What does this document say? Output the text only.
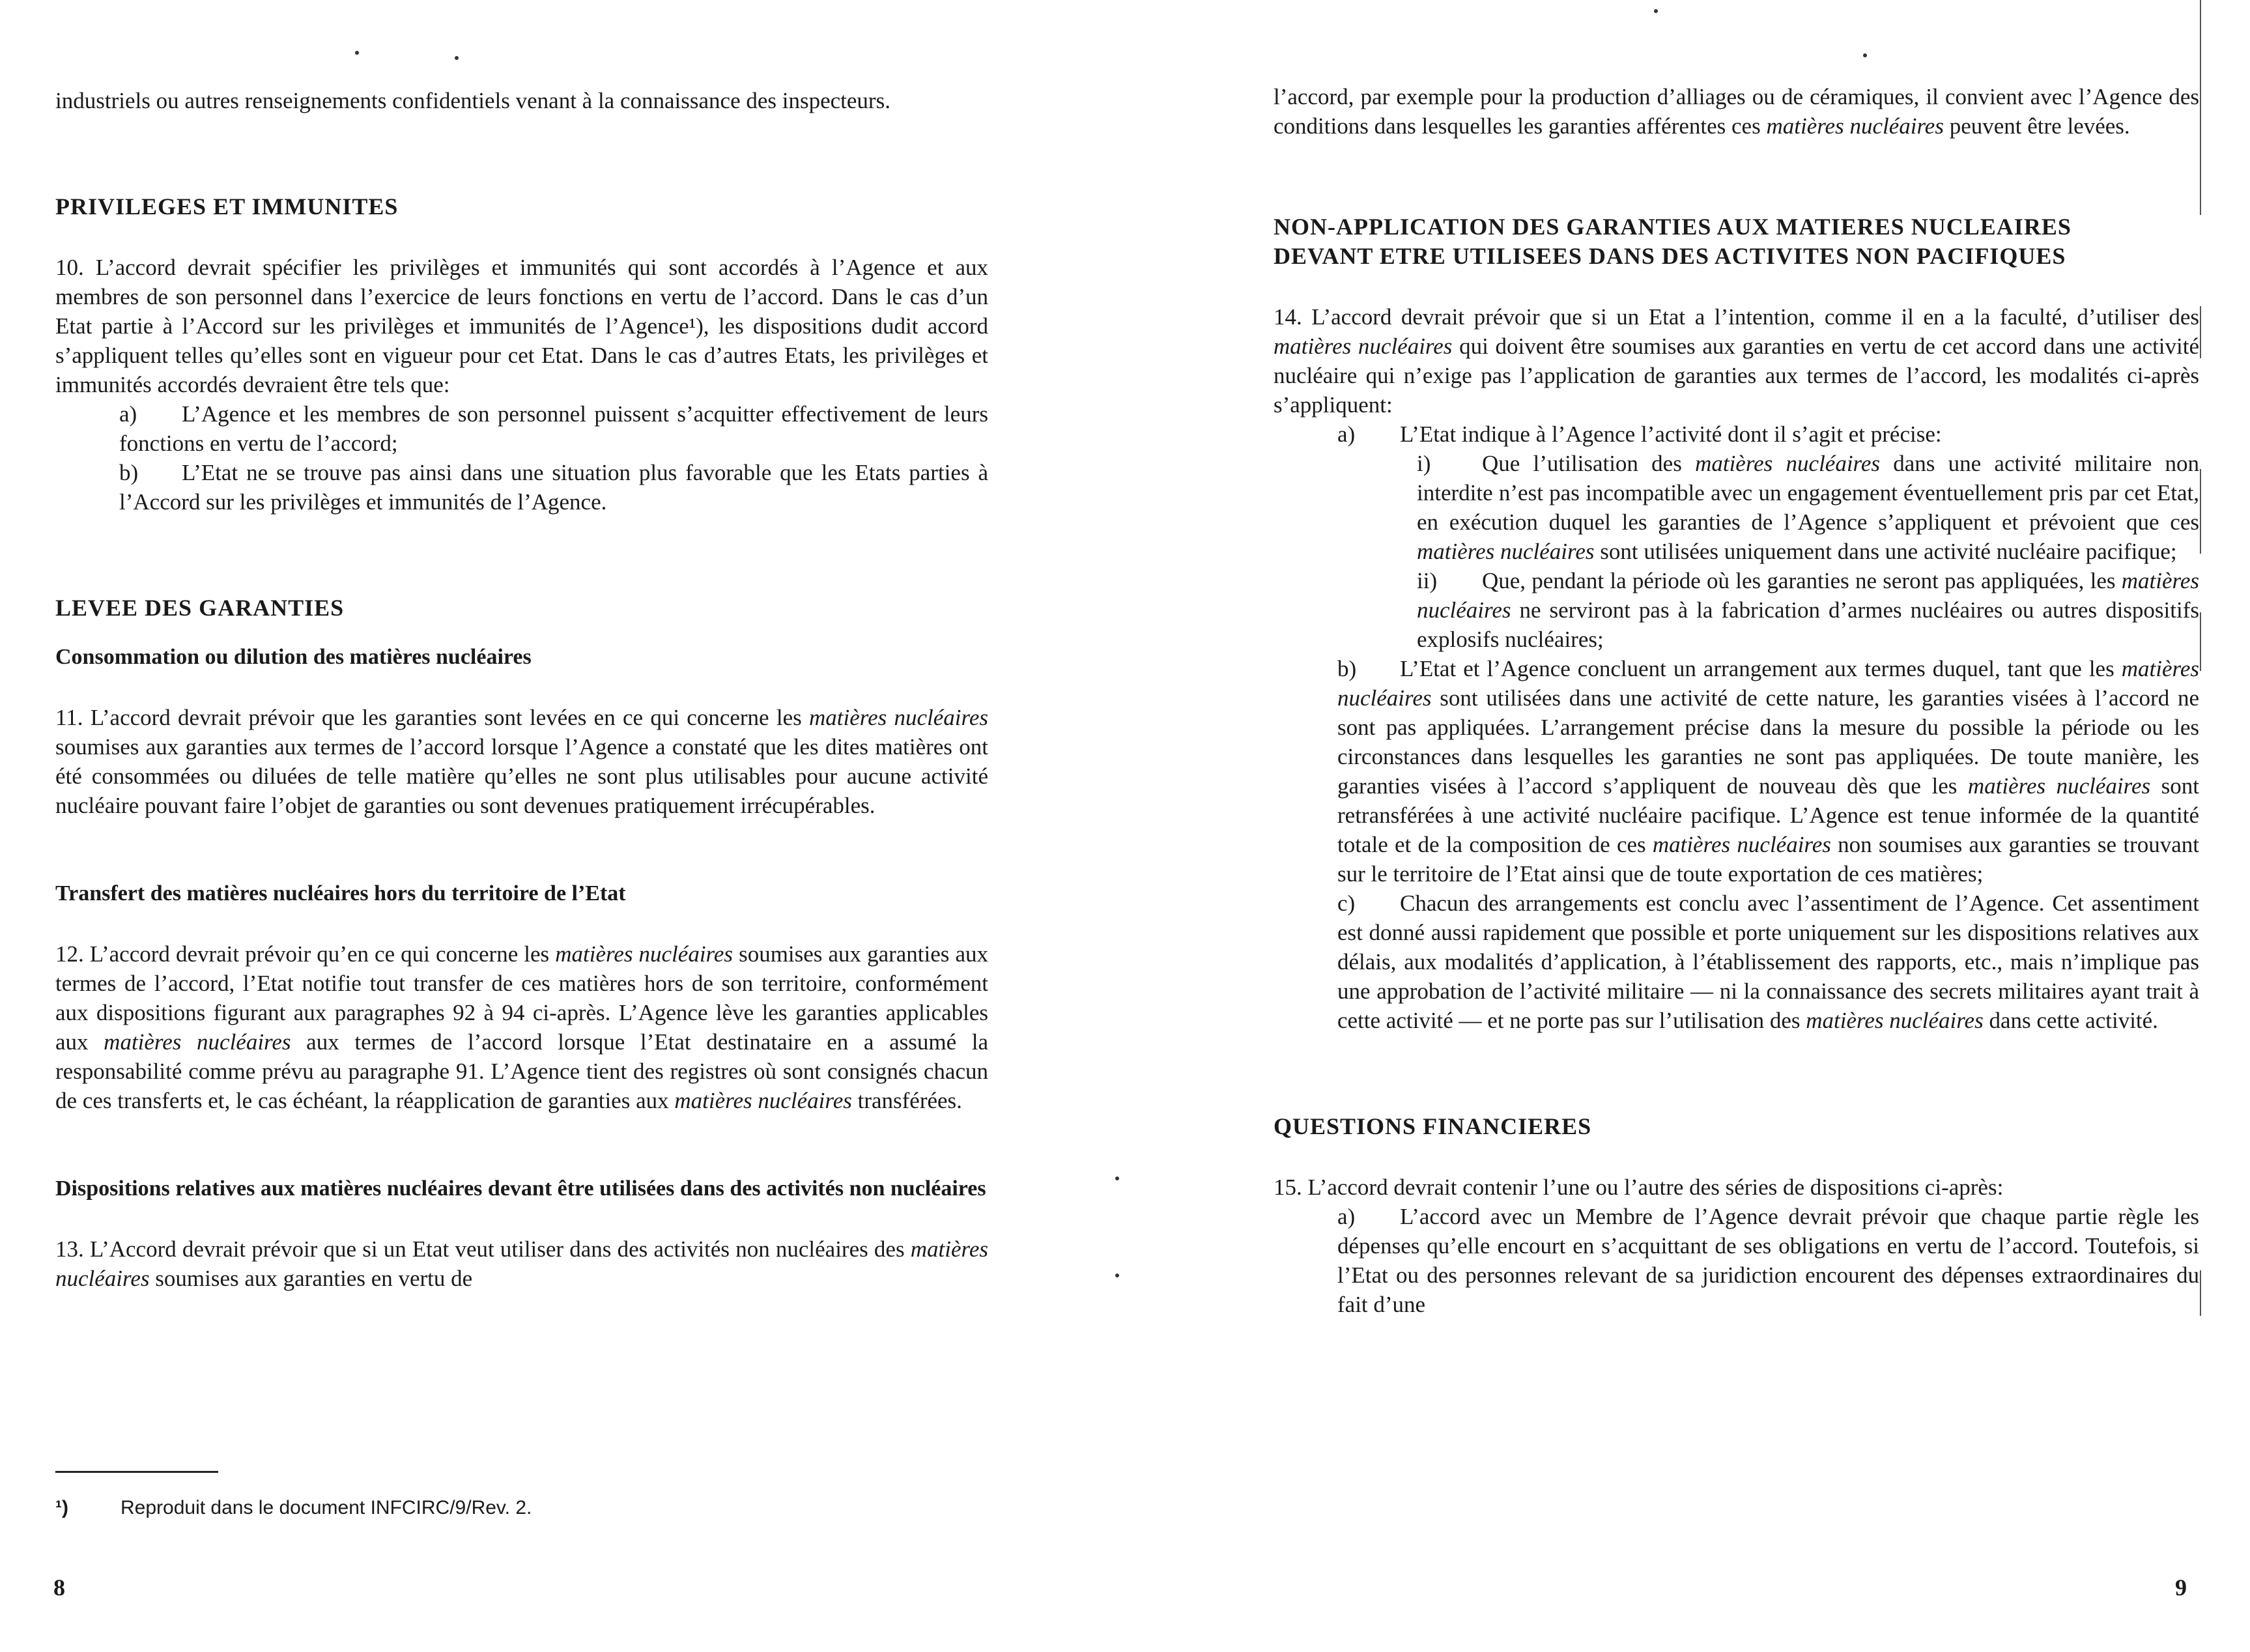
industriels ou autres renseignements confidentiels venant à la connaissance des inspecteurs.

PRIVILEGES ET IMMUNITES

10. L’accord devrait spécifier les privilèges et immunités qui sont accordés à l’Agence et aux membres de son personnel dans l’exercice de leurs fonctions en vertu de l’accord. Dans le cas d’un Etat partie à l’Accord sur les privilèges et immunités de l’Agence¹), les dispositions dudit accord s’appliquent telles qu’elles sont en vigueur pour cet Etat. Dans le cas d’autres Etats, les privilèges et immunités accordés devraient être tels que:

a) L’Agence et les membres de son personnel puissent s’acquitter effectivement de leurs fonctions en vertu de l’accord;

b) L’Etat ne se trouve pas ainsi dans une situation plus favorable que les Etats parties à l’Accord sur les privilèges et immunités de l’Agence.

LEVEE DES GARANTIES
Consommation ou dilution des matières nucléaires

11. L’accord devrait prévoir que les garanties sont levées en ce qui concerne les matières nucléaires soumises aux garanties aux termes de l’accord lorsque l’Agence a constaté que les dites matières ont été consommées ou diluées de telle matière qu’elles ne sont plus utilisables pour aucune activité nucléaire pouvant faire l’objet de garanties ou sont devenues pratiquement irrécupérables.

Transfert des matières nucléaires hors du territoire de l’Etat

12. L’accord devrait prévoir qu’en ce qui concerne les matières nucléaires soumises aux garanties aux termes de l’accord, l’Etat notifie tout transfer de ces matières hors de son territoire, conformément aux dispositions figurant aux paragraphes 92 à 94 ci-après. L’Agence lève les garanties applicables aux matières nucléaires aux termes de l’accord lorsque l’Etat destinataire en a assumé la responsabilité comme prévu au paragraphe 91. L’Agence tient des registres où sont consignés chacun de ces transferts et, le cas échéant, la réapplication de garanties aux matières nucléaires transférées.

Dispositions relatives aux matières nucléaires devant être utilisées dans des activités non nucléaires

13. L’Accord devrait prévoir que si un Etat veut utiliser dans des activités non nucléaires des matières nucléaires soumises aux garanties en vertu de

¹)	Reproduit dans le document INFCIRC/9/Rev. 2.
8

l’accord, par exemple pour la production d’alliages ou de céramiques, il convient avec l’Agence des conditions dans lesquelles les garanties afférentes ces matières nucléaires peuvent être levées.

NON-APPLICATION DES GARANTIES AUX MATIERES NUCLEAIRES
DEVANT ETRE UTILISEES DANS DES ACTIVITES NON PACIFIQUES

14. L’accord devrait prévoir que si un Etat a l’intention, comme il en a la faculté, d’utiliser des matières nucléaires qui doivent être soumises aux garanties en vertu de cet accord dans une activité nucléaire qui n’exige pas l’application de garanties aux termes de l’accord, les modalités ci-après s’appliquent:

a) L’Etat indique à l’Agence l’activité dont il s’agit et précise:

i) Que l’utilisation des matières nucléaires dans une activité militaire non interdite n’est pas incompatible avec un engagement éventuellement pris par cet Etat, en exécution duquel les garanties de l’Agence s’appliquent et prévoient que ces matières nucléaires sont utilisées uniquement dans une activité nucléaire pacifique;

ii) Que, pendant la période où les garanties ne seront pas appliquées, les matières nucléaires ne serviront pas à la fabrication d’armes nucléaires ou autres dispositifs explosifs nucléaires;

b) L’Etat et l’Agence concluent un arrangement aux termes duquel, tant que les matières nucléaires sont utilisées dans une activité de cette nature, les garanties visées à l’accord ne sont pas appliquées. L’arrangement précise dans la mesure du possible la période ou les circonstances dans lesquelles les garanties ne sont pas appliquées. De toute manière, les garanties visées à l’accord s’appliquent de nouveau dès que les matières nucléaires sont retransférées à une activité nucléaire pacifique. L’Agence est tenue informée de la quantité totale et de la composition de ces matières nucléaires non soumises aux garanties se trouvant sur le territoire de l’Etat ainsi que de toute exportation de ces matières;

c) Chacun des arrangements est conclu avec l’assentiment de l’Agence. Cet assentiment est donné aussi rapidement que possible et porte uniquement sur les dispositions relatives aux délais, aux modalités d’application, à l’établissement des rapports, etc., mais n’implique pas une approbation de l’activité militaire — ni la connaissance des secrets militaires ayant trait à cette activité — et ne porte pas sur l’utilisation des matières nucléaires dans cette activité.

QUESTIONS FINANCIERES

15. L’accord devrait contenir l’une ou l’autre des séries de dispositions ci-après:

a) L’accord avec un Membre de l’Agence devrait prévoir que chaque partie règle les dépenses qu’elle encourt en s’acquittant de ses obligations en vertu de l’accord. Toutefois, si l’Etat ou des personnes relevant de sa juridiction encourent des dépenses extraordinaires du fait d’une

9
